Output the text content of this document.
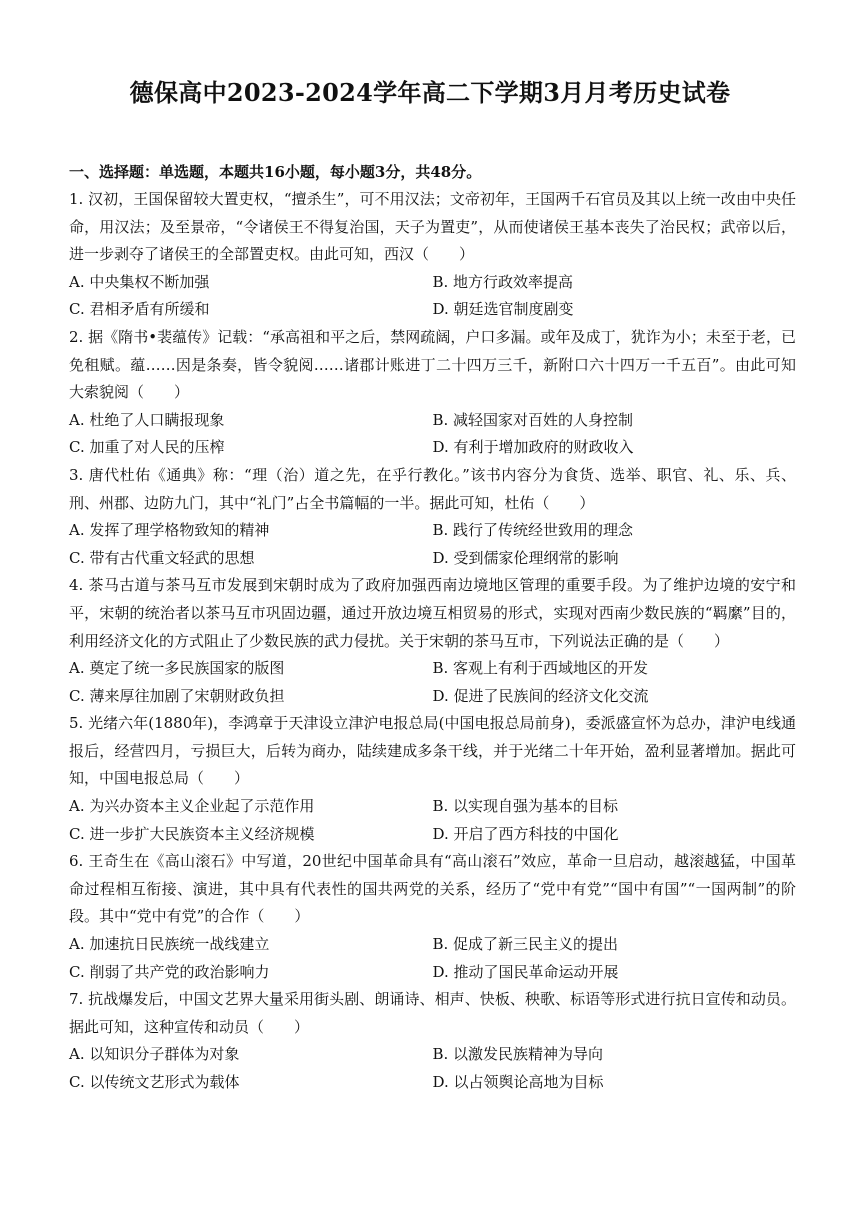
德保高中2023-2024学年高二下学期3月月考历史试卷
一、选择题：单选题，本题共16小题，每小题3分，共48分。
1. 汉初，王国保留较大置吏权，“擅杀生”，可不用汉法；文帝初年，王国两千石官员及其以上统一改由中央任命，用汉法；及至景帝，“令诸侯王不得复治国，天子为置吏”，从而使诸侯王基本丧失了治民权；武帝以后，进一步剥夺了诸侯王的全部置吏权。由此可知，西汉（　　）
A. 中央集权不断加强	B. 地方行政效率提高
C. 君相矛盾有所缓和	D. 朝廷选官制度剧变
2. 据《隋书•裴蕴传》记载：“承高祖和平之后，禁网疏阔，户口多漏。或年及成丁，犹诈为小；未至于老，已免租赋。蕴……因是条奏，皆令貌阅……诸郡计账进丁二十四万三千，新附口六十四万一千五百”。由此可知大索貌阅（　　）
A. 杜绝了人口瞒报现象	B. 减轻国家对百姓的人身控制
C. 加重了对人民的压榨	D. 有利于增加政府的财政收入
3. 唐代杜佑《通典》称：“理（治）道之先，在乎行教化。”该书内容分为食货、选举、职官、礼、乐、兵、刑、州郡、边防九门，其中“礼门”占全书篇幅的一半。据此可知，杜佑（　　）
A. 发挥了理学格物致知的精神	B. 践行了传统经世致用的理念
C. 带有古代重文轻武的思想	D. 受到儒家伦理纲常的影响
4. 茶马古道与茶马互市发展到宋朝时成为了政府加强西南边境地区管理的重要手段。为了维护边境的安宁和平，宋朝的统治者以茶马互市巩固边疆，通过开放边境互相贸易的形式，实现对西南少数民族的“羁縻”目的，利用经济文化的方式阻止了少数民族的武力侵扰。关于宋朝的茶马互市，下列说法正确的是（　　）
A. 奠定了统一多民族国家的版图	B. 客观上有利于西域地区的开发
C. 薄来厚往加剧了宋朝财政负担	D. 促进了民族间的经济文化交流
5. 光绪六年(1880年)，李鸿章于天津设立津沪电报总局(中国电报总局前身)，委派盛宣怀为总办，津沪电线通报后，经营四月，亏损巨大，后转为商办，陆续建成多条干线，并于光绪二十年开始，盈利显著增加。据此可知，中国电报总局（　　）
A. 为兴办资本主义企业起了示范作用	B. 以实现自强为基本的目标
C. 进一步扩大民族资本主义经济规模	D. 开启了西方科技的中国化
6. 王奇生在《高山滚石》中写道，20世纪中国革命具有“高山滚石”效应，革命一旦启动，越滚越猛，中国革命过程相互衔接、演进，其中具有代表性的国共两党的关系，经历了“党中有党”“国中有国”“一国两制”的阶段。其中“党中有党”的合作（　　）
A. 加速抗日民族统一战线建立	B. 促成了新三民主义的提出
C. 削弱了共产党的政治影响力	D. 推动了国民革命运动开展
7. 抗战爆发后，中国文艺界大量采用街头剧、朗诵诗、相声、快板、秧歌、标语等形式进行抗日宣传和动员。据此可知，这种宣传和动员（　　）
A. 以知识分子群体为对象	B. 以激发民族精神为导向
C. 以传统文艺形式为载体	D. 以占领舆论高地为目标
